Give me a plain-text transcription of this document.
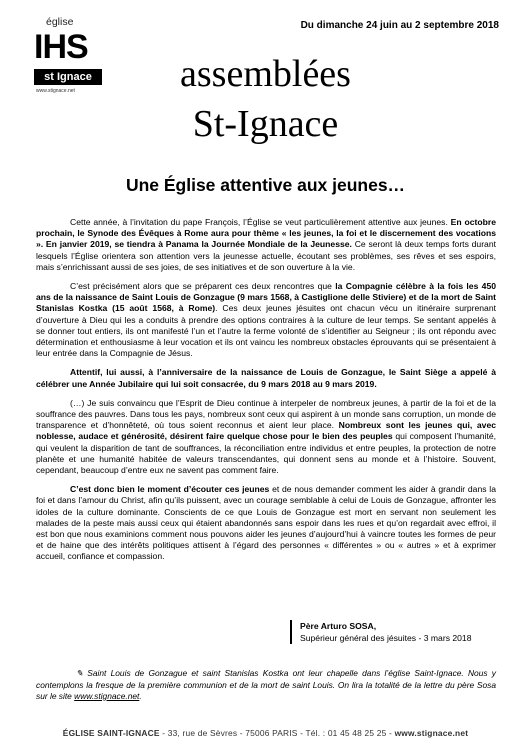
église
IHS
st Ignace
www.stignace.net
Du dimanche 24 juin au 2 septembre 2018
assemblées
St-Ignace
Une Église attentive aux jeunes…

Cette année, à l’invitation du pape François, l’Église se veut particulièrement attentive aux jeunes. En octobre prochain, le Synode des Évêques à Rome aura pour thème « les jeunes, la foi et le discernement des vocations ». En janvier 2019, se tiendra à Panama la Journée Mondiale de la Jeunesse. Ce seront là deux temps forts durant lesquels l’Église orientera son attention vers la jeunesse actuelle, écoutant ses problèmes, ses rêves et ses espoirs, mais s’enrichissant aussi de ses joies, de ses initiatives et de son ouverture à la vie.

C’est précisément alors que se préparent ces deux rencontres que la Compagnie célèbre à la fois les 450 ans de la naissance de Saint Louis de Gonzague (9 mars 1568, à Castiglione delle Stiviere) et de la mort de Saint Stanislas Kostka (15 août 1568, à Rome). Ces deux jeunes jésuites ont chacun vécu un itinéraire surprenant d’ouverture à Dieu qui les a conduits à prendre des options contraires à la culture de leur temps. Se sentant appelés à se donner tout entiers, ils ont manifesté l’un et l’autre la ferme volonté de s’identifier au Seigneur ; ils ont répondu avec détermination et enthousiasme à leur vocation et ils ont vaincu les nombreux obstacles éprouvants qui se présentaient à leur entrée dans la Compagnie de Jésus.

Attentif, lui aussi, à l’anniversaire de la naissance de Louis de Gonzague, le Saint Siège a appelé à célébrer une Année Jubilaire qui lui soit consacrée, du 9 mars 2018 au 9 mars 2019.

(…) Je suis convaincu que l’Esprit de Dieu continue à interpeler de nombreux jeunes, à partir de la foi et de la souffrance des pauvres. Dans tous les pays, nombreux sont ceux qui aspirent à un monde sans corruption, un monde de transparence et d’honnêteté, où tous soient reconnus et aient leur place. Nombreux sont les jeunes qui, avec noblesse, audace et générosité, désirent faire quelque chose pour le bien des peuples qui composent l’humanité, qui veulent la disparition de tant de souffrances, la réconciliation entre individus et entre peuples, la protection de notre planète et une humanité habitée de valeurs transcendantes, qui donnent sens au monde et à l’histoire. Souvent, cependant, beaucoup d’entre eux ne savent pas comment faire.

C’est donc bien le moment d’écouter ces jeunes et de nous demander comment les aider à grandir dans la foi et dans l’amour du Christ, afin qu’ils puissent, avec un courage semblable à celui de Louis de Gonzague, affronter les idoles de la culture dominante. Conscients de ce que Louis de Gonzague est mort en servant non seulement les malades de la peste mais aussi ceux qui étaient abandonnés sans espoir dans les rues et qu’on regardait avec effroi, il est bon que nous examinions comment nous pouvons aider les jeunes d’aujourd’hui à vaincre toutes les formes de peur et de haine que des intérêts politiques attisent à l’égard des personnes « différentes » ou « autres » et à exprimer accueil, confiance et compassion.

Père Arturo SOSA,
Supérieur général des jésuites - 3 mars 2018
✎ Saint Louis de Gonzague et saint Stanislas Kostka ont leur chapelle dans l’église Saint-Ignace. Nous y contemplons la fresque de la première communion et de la mort de saint Louis. On lira la totalité de la lettre du père Sosa sur le site www.stignace.net.
ÉGLISE SAINT-IGNACE - 33, rue de Sèvres - 75006 PARIS - Tél. : 01 45 48 25 25 - www.stignace.net
